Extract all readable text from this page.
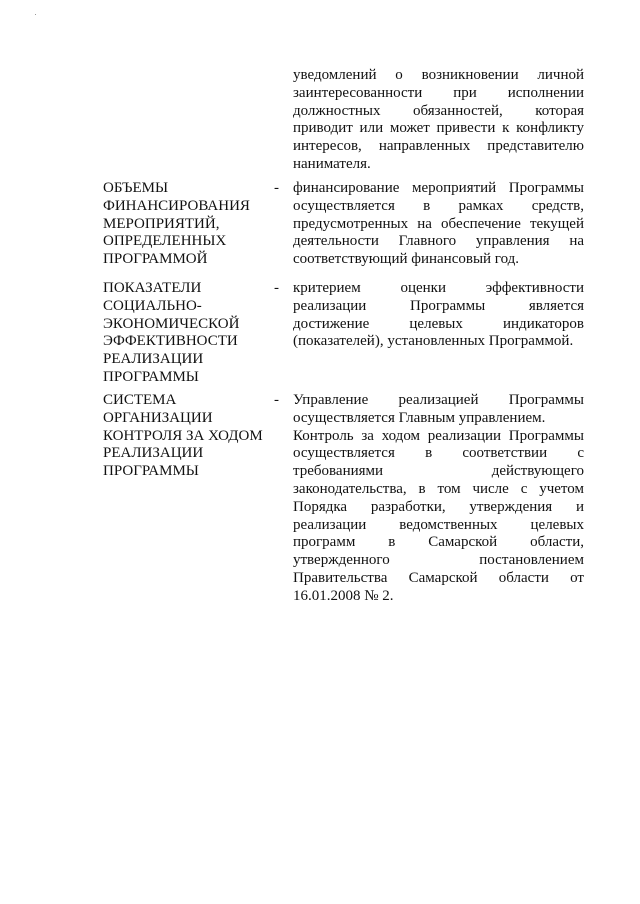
уведомлений о возникновении личной
заинтересованности при исполнении
должностных обязанностей, которая
приводит или может привести к конфликту
интересов, направленных представителю
нанимателя.
ОБЪЕМЫ
ФИНАНСИРОВАНИЯ
МЕРОПРИЯТИЙ,
ОПРЕДЕЛЕННЫХ
ПРОГРАММОЙ
- финансирование мероприятий Программы
осуществляется в рамках средств,
предусмотренных на обеспечение текущей
деятельности Главного управления на
соответствующий финансовый год.
ПОКАЗАТЕЛИ
СОЦИАЛЬНО-
ЭКОНОМИЧЕСКОЙ
ЭФФЕКТИВНОСТИ
РЕАЛИЗАЦИИ
ПРОГРАММЫ
- критерием оценки эффективности
реализации Программы является
достижение целевых индикаторов
(показателей), установленных Программой.
СИСТЕМА
ОРГАНИЗАЦИИ
КОНТРОЛЯ ЗА ХОДОМ
РЕАЛИЗАЦИИ
ПРОГРАММЫ
- Управление реализацией Программы
осуществляется Главным управлением.
Контроль за ходом реализации Программы
осуществляется в соответствии с
требованиями действующего
законодательства, в том числе с учетом
Порядка разработки, утверждения и
реализации ведомственных целевых
программ в Самарской области,
утвержденного постановлением
Правительства Самарской области от
16.01.2008 № 2.
